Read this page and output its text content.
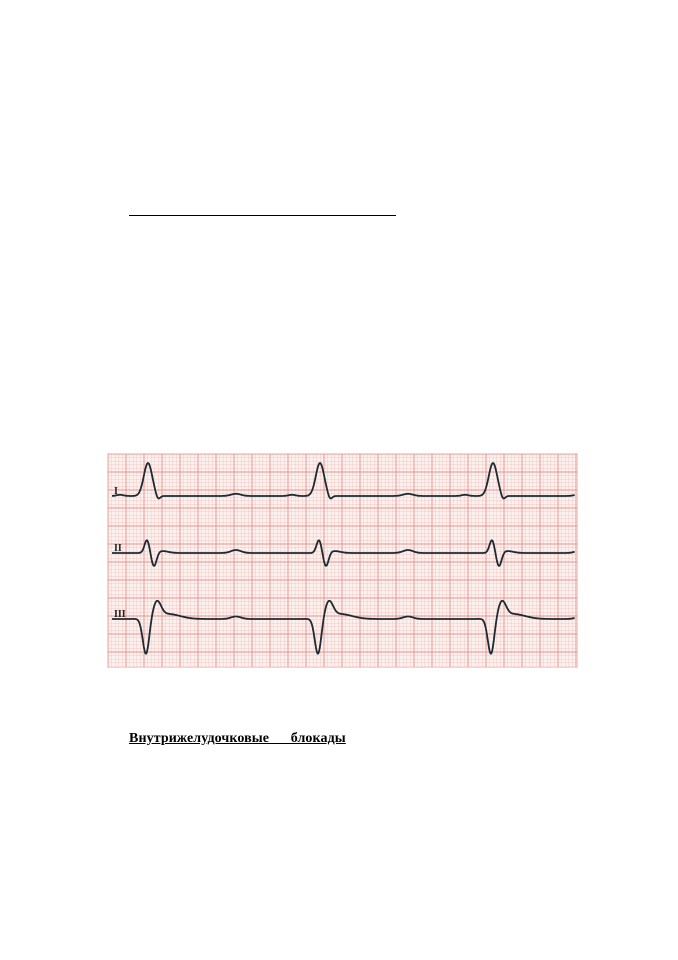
I
II
III
Внутрижелудочковые      блокады
